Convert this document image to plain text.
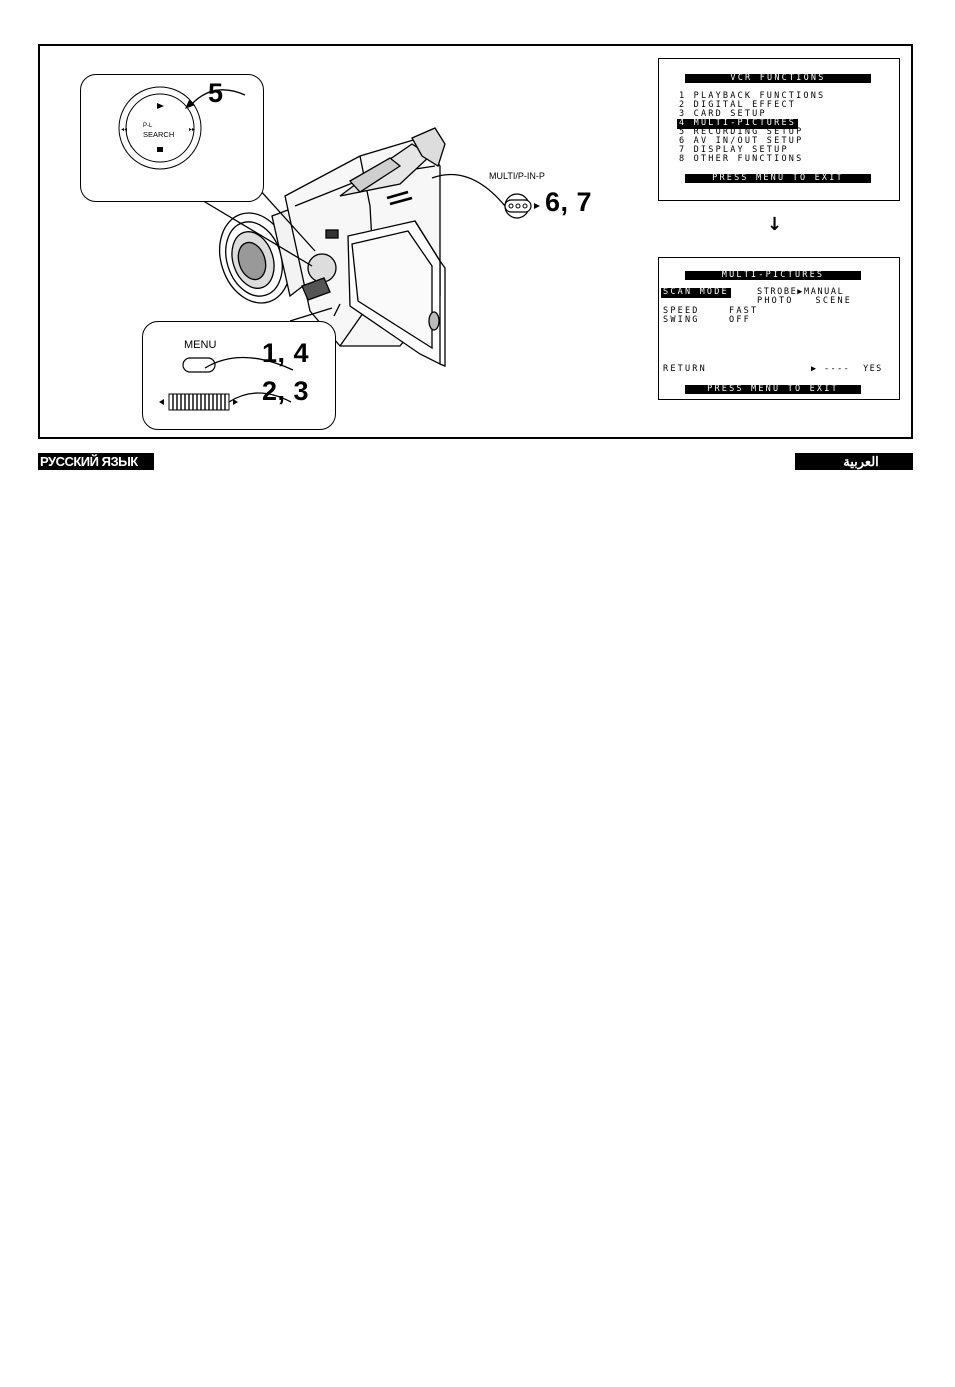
◂◂	▸▸
P-L
SEARCH
5
MENU 1, 4
2, 3
MULTI/P-IN-P
6, 7
VCR FUNCTIONS
1 PLAYBACK FUNCTIONS
2 DIGITAL EFFECT
3 CARD SETUP
4 MULTI-PICTURES
5 RECORDING SETUP
6 AV IN/OUT SETUP
7 DISPLAY SETUP
8 OTHER FUNCTIONS
PRESS MENU TO EXIT
↓
MULTI-PICTURES
SCAN MODE	STROBE▶MANUAL
PHOTO   SCENE
SPEED	FAST
SWING	OFF
RETURN	▶ ----  YES
PRESS MENU TO EXIT
РУССКИЙ ЯЗЫК	العربية
